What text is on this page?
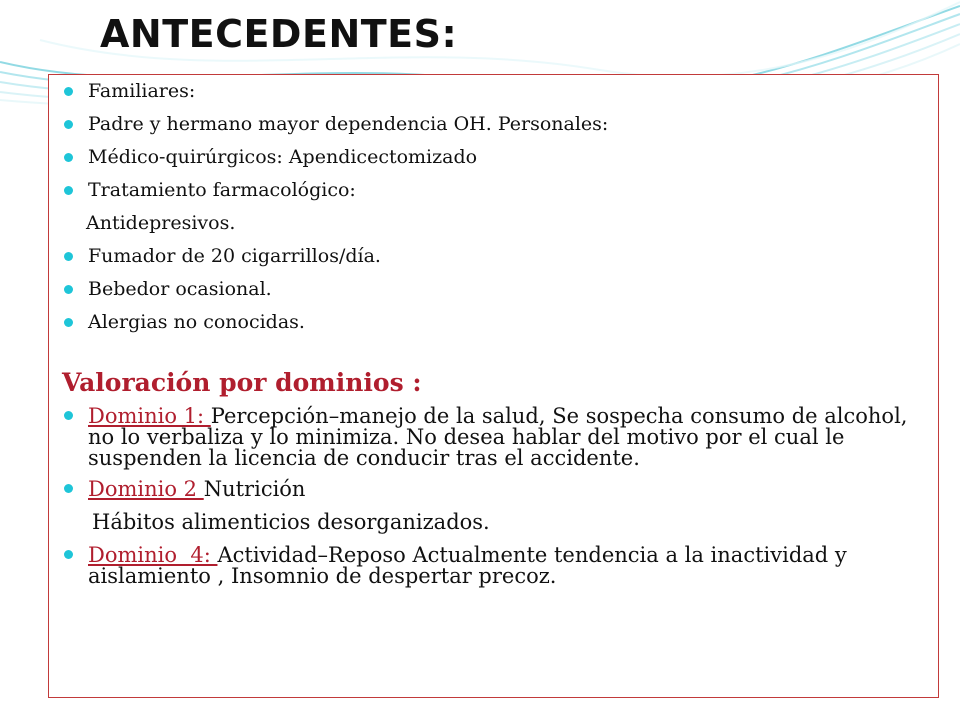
ANTECEDENTES:
Familiares:
Padre y hermano mayor dependencia OH. Personales:
Médico-quirúrgicos: Apendicectomizado
Tratamiento farmacológico:
Antidepresivos.
Fumador de 20 cigarrillos/día.
Bebedor ocasional.
Alergias no conocidas.
Valoración por dominios :
Dominio 1: Percepción–manejo de la salud, Se sospecha consumo de alcohol, no lo verbaliza y lo minimiza. No desea hablar del motivo por el cual le suspenden la licencia de conducir tras el accidente.
Dominio 2 Nutrición
Hábitos alimenticios desorganizados.
Dominio  4: Actividad–Reposo Actualmente tendencia a la inactividad y aislamiento , Insomnio de despertar precoz.
